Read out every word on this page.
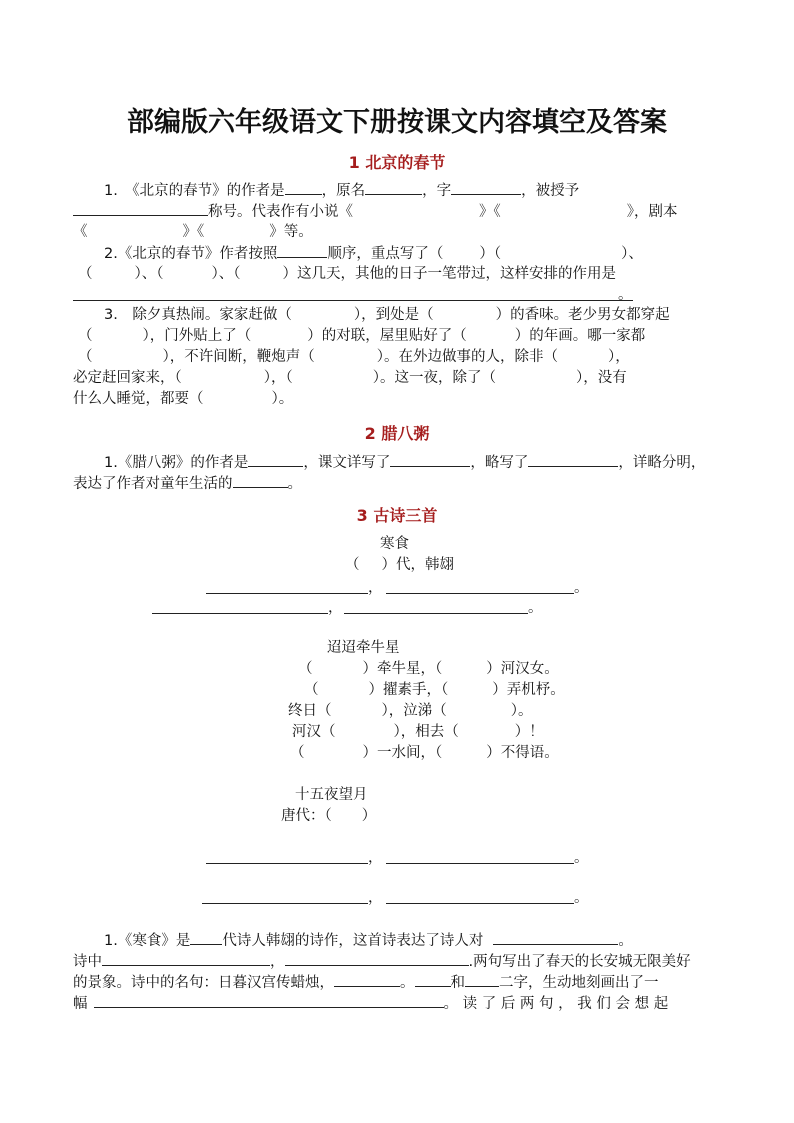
部编版六年级语文下册按课文内容填空及答案
1 北京的春节
1.　《北京的春节》的作者是	，原名	，字	，被授予
称号。代表作有小说《	》《	》，剧本
《	》《	》等。
2.《北京的春节》作者按照	顺序，重点写了（ ）（	）、
（	）、（	）、（	）这几天，其他的日子一笔带过，这样安排的作用是
。
3.　除夕真热闹。家家赶做（	），到处是（	）的香味。老少男女都穿起
（	），门外贴上了（	）的对联，屋里贴好了（	）的年画。哪一家都
（	），不许间断，鞭炮声（	）。在外边做事的人，除非（	），
必定赶回家来，（	），（	）。这一夜，除了（	），没有
什么人睡觉，都要（	）。
2 腊八粥
1.《腊八粥》的作者是	，课文详写了	，略写了	，详略分明，
表达了作者对童年生活的	。
3 古诗三首
寒食
（ ）代，韩翃
，	。
，	。
迢迢牵牛星
（	）牵牛星，（	）河汉女。
（	）擢素手，（	）弄机杼。
终日（	），泣涕（	）。
河汉（	），相去（	）！
（	）一水间，（	）不得语。
十五夜望月
唐代：（ ）
，	。
，	。
1.《寒食》是 代诗人韩翃的诗作，这首诗表达了诗人对	。
诗中	，	.两句写出了春天的长安城无限美好
的景象。诗中的名句：日暮汉宫传蜡烛，	。 和 二字，生动地刻画出了一
幅	。 读 了 后 两 句 ， 我 们 会 想 起
